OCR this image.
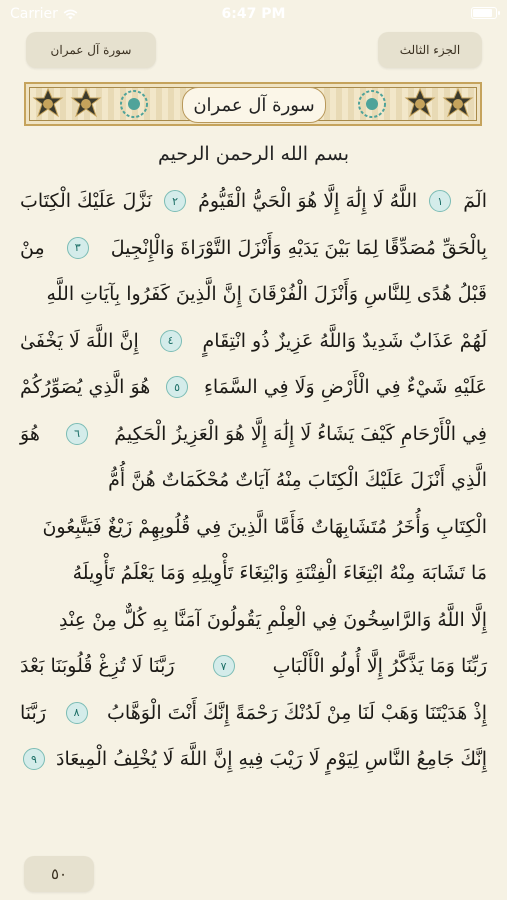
Carrier	6:47 PM
سورة آل عمران	الجزء الثالث
سورة آل عمران
بسم الله الرحمن الرحيم
الٓمٓ
١
اللَّهُ لَا إِلَٰهَ إِلَّا هُوَ الْحَيُّ الْقَيُّومُ
٢
نَزَّلَ عَلَيْكَ الْكِتَابَ
بِالْحَقِّ مُصَدِّقًا لِمَا بَيْنَ يَدَيْهِ وَأَنْزَلَ التَّوْرَاةَ وَالْإِنْجِيلَ
٣
مِنْ
قَبْلُ هُدًى لِلنَّاسِ وَأَنْزَلَ الْفُرْقَانَ إِنَّ الَّذِينَ كَفَرُوا بِآيَاتِ اللَّهِ
لَهُمْ عَذَابٌ شَدِيدٌ وَاللَّهُ عَزِيزٌ ذُو انْتِقَامٍ
٤
إِنَّ اللَّهَ لَا يَخْفَىٰ
عَلَيْهِ شَيْءٌ فِي الْأَرْضِ وَلَا فِي السَّمَاءِ
٥
هُوَ الَّذِي يُصَوِّرُكُمْ
فِي الْأَرْحَامِ كَيْفَ يَشَاءُ لَا إِلَٰهَ إِلَّا هُوَ الْعَزِيزُ الْحَكِيمُ
٦
هُوَ
الَّذِي أَنْزَلَ عَلَيْكَ الْكِتَابَ مِنْهُ آيَاتٌ مُحْكَمَاتٌ هُنَّ أُمُّ
الْكِتَابِ وَأُخَرُ مُتَشَابِهَاتٌ فَأَمَّا الَّذِينَ فِي قُلُوبِهِمْ زَيْغٌ فَيَتَّبِعُونَ
مَا تَشَابَهَ مِنْهُ ابْتِغَاءَ الْفِتْنَةِ وَابْتِغَاءَ تَأْوِيلِهِ وَمَا يَعْلَمُ تَأْوِيلَهُ
إِلَّا اللَّهُ وَالرَّاسِخُونَ فِي الْعِلْمِ يَقُولُونَ آمَنَّا بِهِ كُلٌّ مِنْ عِنْدِ
رَبِّنَا وَمَا يَذَّكَّرُ إِلَّا أُولُو الْأَلْبَابِ
٧
رَبَّنَا لَا تُزِغْ قُلُوبَنَا بَعْدَ
إِذْ هَدَيْتَنَا وَهَبْ لَنَا مِنْ لَدُنْكَ رَحْمَةً إِنَّكَ أَنْتَ الْوَهَّابُ
٨
رَبَّنَا
إِنَّكَ جَامِعُ النَّاسِ لِيَوْمٍ لَا رَيْبَ فِيهِ إِنَّ اللَّهَ لَا يُخْلِفُ الْمِيعَادَ
٩
٥٠
